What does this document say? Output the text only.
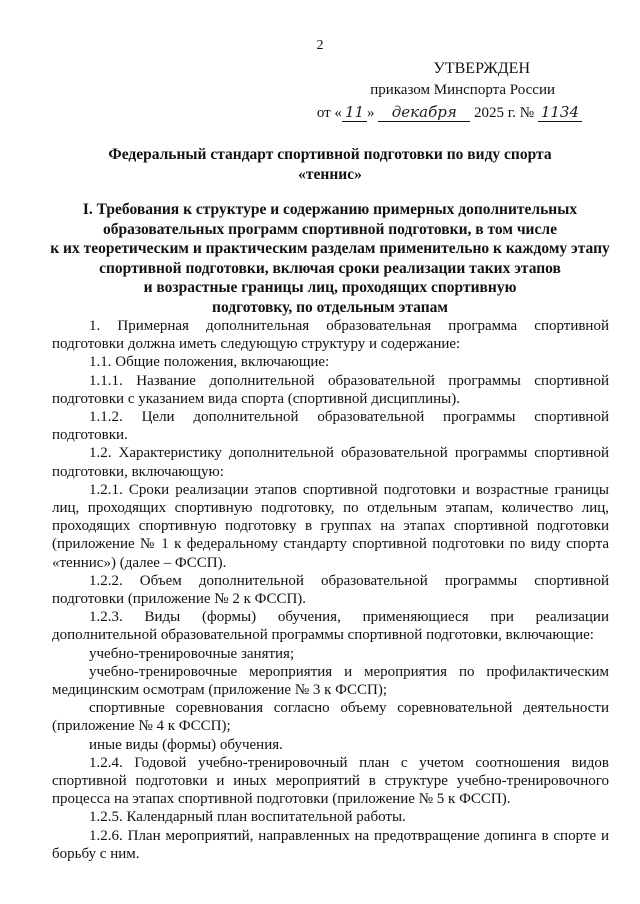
2
УТВЕРЖДЕН
приказом Минспорта России
от « 11 » декабря 2025 г. № 1134
Федеральный стандарт спортивной подготовки по виду спорта
«теннис»
I. Требования к структуре и содержанию примерных дополнительных
образовательных программ спортивной подготовки, в том числе
к их теоретическим и практическим разделам применительно к каждому этапу
спортивной подготовки, включая сроки реализации таких этапов
и возрастные границы лиц, проходящих спортивную
подготовку, по отдельным этапам

1. Примерная дополнительная образовательная программа спортивной подготовки должна иметь следующую структуру и содержание:

1.1. Общие положения, включающие:

1.1.1. Название дополнительной образовательной программы спортивной подготовки с указанием вида спорта (спортивной дисциплины).

1.1.2. Цели дополнительной образовательной программы спортивной подготовки.

1.2. Характеристику дополнительной образовательной программы спортивной подготовки, включающую:

1.2.1. Сроки реализации этапов спортивной подготовки и возрастные границы лиц, проходящих спортивную подготовку, по отдельным этапам, количество лиц, проходящих спортивную подготовку в группах на этапах спортивной подготовки (приложение № 1 к федеральному стандарту спортивной подготовки по виду спорта «теннис») (далее – ФССП).

1.2.2. Объем дополнительной образовательной программы спортивной подготовки (приложение № 2 к ФССП).

1.2.3. Виды (формы) обучения, применяющиеся при реализации дополнительной образовательной программы спортивной подготовки, включающие:

учебно-тренировочные занятия;

учебно-тренировочные мероприятия и мероприятия по профилактическим медицинским осмотрам (приложение № 3 к ФССП);

спортивные соревнования согласно объему соревновательной деятельности (приложение № 4 к ФССП);

иные виды (формы) обучения.

1.2.4. Годовой учебно-тренировочный план с учетом соотношения видов спортивной подготовки и иных мероприятий в структуре учебно-тренировочного процесса на этапах спортивной подготовки (приложение № 5 к ФССП).

1.2.5. Календарный план воспитательной работы.

1.2.6. План мероприятий, направленных на предотвращение допинга в спорте и борьбу с ним.
